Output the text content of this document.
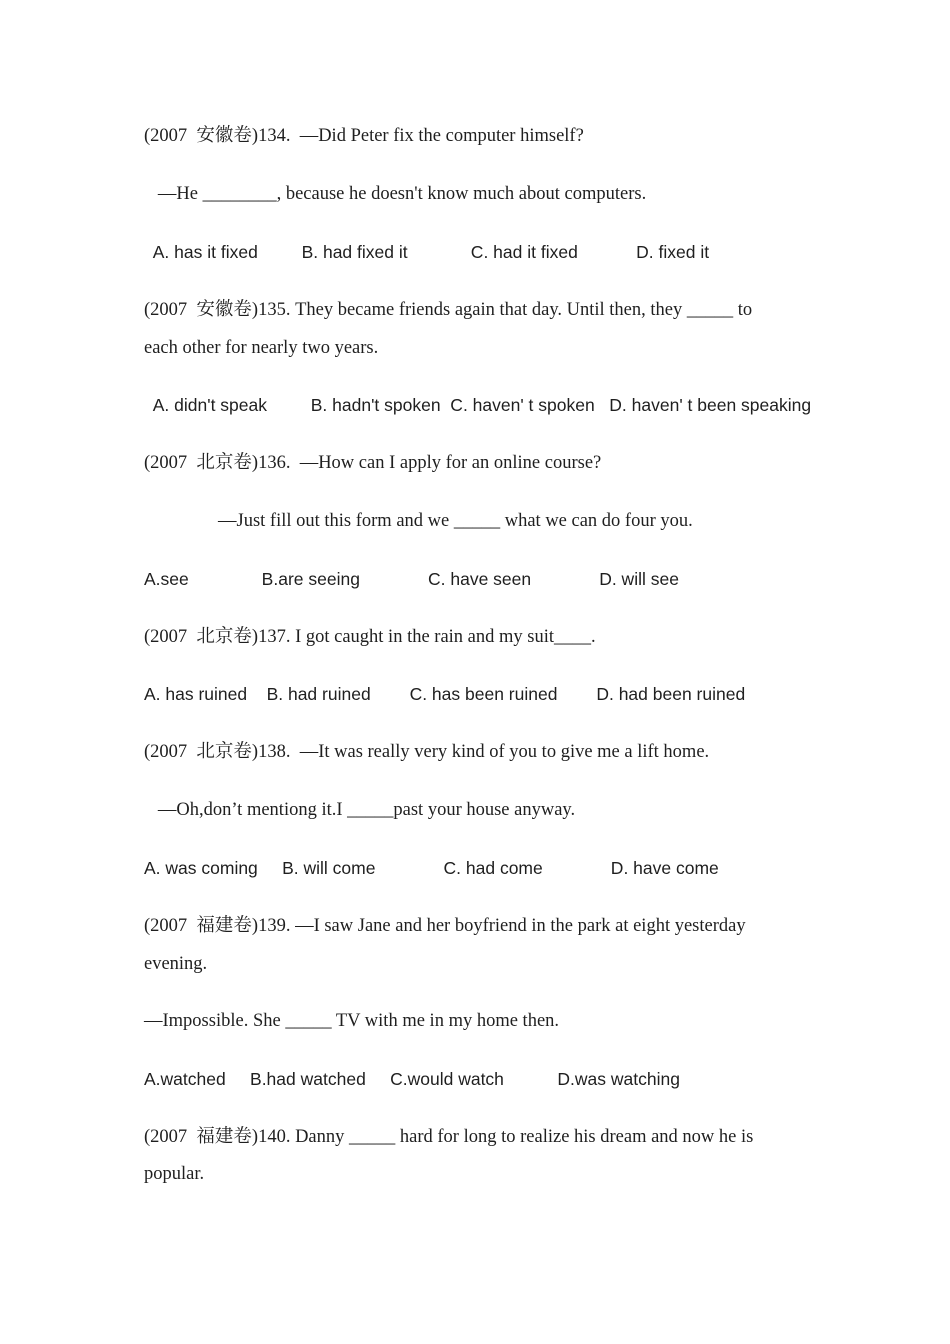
(2007  安徽卷)134.  —Did Peter fix the computer himself?
—He ________, because he doesn't know much about computers.
A. has it fixed         B. had fixed it             C. had it fixed            D. fixed it
(2007  安徽卷)135. They became friends again that day. Until then, they _____ to
each other for nearly two years.
A. didn't speak         B. hadn't spoken  C. haven' t spoken   D. haven' t been speaking
(2007  北京卷)136.  —How can I apply for an online course?
—Just fill out this form and we _____ what we can do four you.
A.see               B.are seeing              C. have seen              D. will see
(2007  北京卷)137. I got caught in the rain and my suit____.
A. has ruined    B. had ruined        C. has been ruined        D. had been ruined
(2007  北京卷)138.  —It was really very kind of you to give me a lift home.
—Oh,don’t mentiong it.I _____past your house anyway.
A. was coming     B. will come              C. had come              D. have come
(2007  福建卷)139. —I saw Jane and her boyfriend in the park at eight yesterday
evening.
—Impossible. She _____ TV with me in my home then.
A.watched     B.had watched     C.would watch           D.was watching
(2007  福建卷)140. Danny _____ hard for long to realize his dream and now he is
popular.
